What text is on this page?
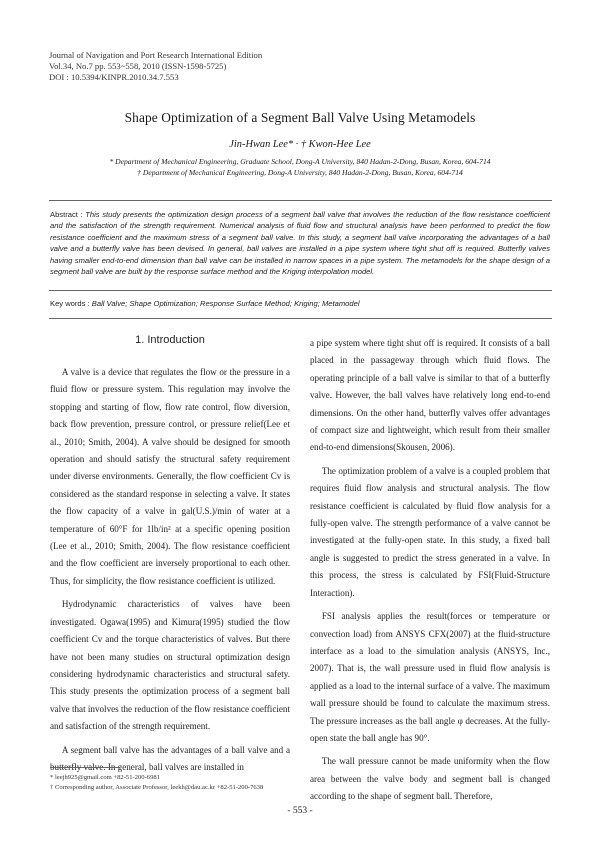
Journal of Navigation and Port Research International Edition
Vol.34, No.7 pp. 553~558, 2010 (ISSN-1598-5725)
DOI : 10.5394/KINPR.2010.34.7.553
Shape Optimization of a Segment Ball Valve Using Metamodels
Jin-Hwan Lee* · † Kwon-Hee Lee
* Department of Mechanical Engineering, Graduate School, Dong-A University, 840 Hadan-2-Dong, Busan, Korea, 604-714
† Department of Mechanical Engineering, Dong-A University, 840 Hadan-2-Dong, Busan, Korea, 604-714
Abstract : This study presents the optimization design process of a segment ball valve that involves the reduction of the flow resistance coefficient and the satisfaction of the strength requirement. Numerical analysis of fluid flow and structural analysis have been performed to predict the flow resistance coefficient and the maximum stress of a segment ball valve. In this study, a segment ball valve incorporating the advantages of a ball valve and a butterfly valve has been devised. In general, ball valves are installed in a pipe system where tight shut off is required. Butterfly valves having smaller end-to-end dimension than ball valve can be installed in narrow spaces in a pipe system. The metamodels for the shape design of a segment ball valve are built by the response surface method and the Kriging interpolation model.
Key words : Ball Valve; Shape Optimization; Response Surface Method; Kriging; Metamodel
1. Introduction

A valve is a device that regulates the flow or the pressure in a fluid flow or pressure system. This regulation may involve the stopping and starting of flow, flow rate control, flow diversion, back flow prevention, pressure control, or pressure relief(Lee et al., 2010; Smith, 2004). A valve should be designed for smooth operation and should satisfy the structural safety requirement under diverse environments. Generally, the flow coefficient Cv is considered as the standard response in selecting a valve. It states the flow capacity of a valve in gal(U.S.)/min of water at a temperature of 60°F for 1lb/in² at a specific opening position (Lee et al., 2010; Smith, 2004). The flow resistance coefficient and the flow coefficient are inversely proportional to each other. Thus, for simplicity, the flow resistance coefficient is utilized.

Hydrodynamic characteristics of valves have been investigated. Ogawa(1995) and Kimura(1995) studied the flow coefficient Cv and the torque characteristics of valves. But there have not been many studies on structural optimization design considering hydrodynamic characteristics and structural safety. This study presents the optimization process of a segment ball valve that involves the reduction of the flow resistance coefficient and satisfaction of the strength requirement.

A segment ball valve has the advantages of a ball valve and a butterfly valve. In general, ball valves are installed in

a pipe system where tight shut off is required. It consists of a ball placed in the passageway through which fluid flows. The operating principle of a ball valve is similar to that of a butterfly valve. However, the ball valves have relatively long end-to-end dimensions. On the other hand, butterfly valves offer advantages of compact size and lightweight, which result from their smaller end-to-end dimensions(Skousen, 2006).

The optimization problem of a valve is a coupled problem that requires fluid flow analysis and structural analysis. The flow resistance coefficient is calculated by fluid flow analysis for a fully-open valve. The strength performance of a valve cannot be investigated at the fully-open state. In this study, a fixed ball angle is suggested to predict the stress generated in a valve. In this process, the stress is calculated by FSI(Fluid-Structure Interaction).

FSI analysis applies the result(forces or temperature or convection load) from ANSYS CFX(2007) at the fluid-structure interface as a load to the simulation analysis (ANSYS, Inc., 2007). That is, the wall pressure used in fluid flow analysis is applied as a load to the internal surface of a valve. The maximum wall pressure should be found to calculate the maximum stress. The pressure increases as the ball angle φ decreases. At the fully-open state the ball angle has 90°.

The wall pressure cannot be made uniformity when the flow area between the valve body and segment ball is changed according to the shape of segment ball. Therefore,

* leejh925@gmail.com +82-51-200-6981
† Corresponding author, Associate Professor, leekh@dau.ac.kr +82-51-200-7638
- 553 -
